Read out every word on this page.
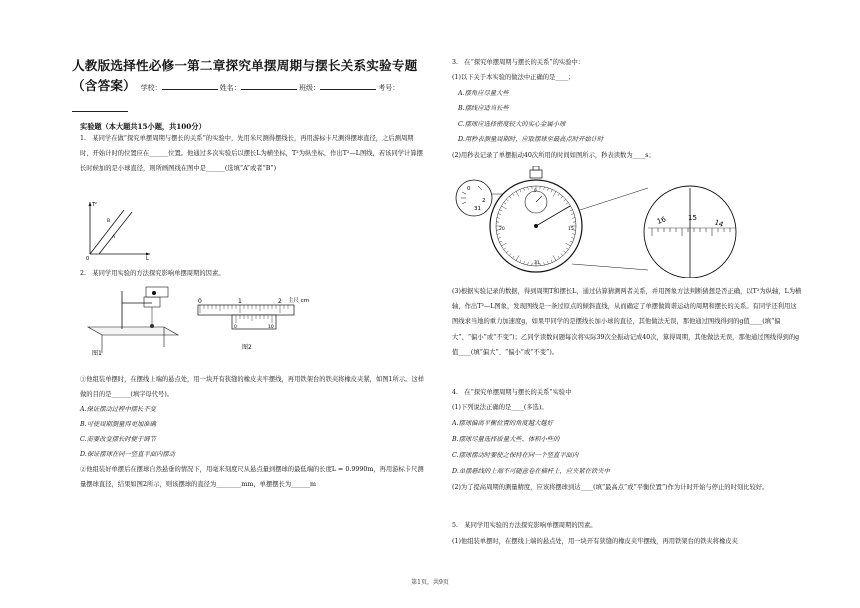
人教版选择性必修一第二章探究单摆周期与摆长关系实验专题（含答案） 学校：	姓名：	班级：	考号：
实验题（本大题共15小题，共100分）
1.　某同学在做“探究单摆周期与摆长的关系”的实验中，先用米尺测得摆线长，再用游标卡尺测得摆球直径，之后测周期时，开始计时的位置应在______位置。他通过多次实验后以摆长L为横坐标，T²为纵坐标，作出T²—L图线，若该同学计算摆长时候加的是小球直径，则所画图线在图中是______(选填“A”或者“B”)
T²
L
0
A
B
2.　某同学用实验的方法探究影响单摆周期的因素。
图1
0	1	2 主尺 cm
0	10
图2
①他组装单摆时，在摆线上端的悬点处，用一块开有狭缝的橡皮夹牢摆线，再用铁架台的铁夹将橡皮夹紧，如图1所示。这样做的目的是______(填字母代号)。
A.保证摆动过程中摆长不变
B.可使周期测量得更加准确
C.需要改变摆长时便于调节
D.保证摆球在同一竖直平面内摆动
②他组装好单摆后在摆球自然悬垂的情况下，用毫米刻度尺从悬点量到摆球的最低端的长度L = 0.9990m，再用游标卡尺测量摆球直径，结果如图2所示，则该摆球的直径为________mm，单摆摆长为______m
3.　在“探究单摆周期与摆长的关系”的实验中：
(1)以下关于本实验的做法中正确的是____；
A.摆角应尽量大些
B.摆线应适当长些
C.摆球应选择密度较大的实心金属小球
D.用秒表测量周期时，应取摆球至最高点时开始计时
(2)用秒表记录了单摆振动40次所用的时间如图所示，秒表读数为____s；
0
31
2
0
15
31
20
16	15
14
(3)根据实验记录的数据，得到周期T和摆长L，通过估算猜测两者关系，并用图象方法判断猜想是否正确，以T²为纵轴，L为横轴，作出T²—L图象，发现图线是一条过原点的倾斜直线，从而确定了单摆做简谐运动的周期和摆长的关系。有同学还利用这图线求当地的重力加速度g，如果甲同学的是摆线长加小球的直径，其他做法无误，那他通过图线得到的g值____(填“偏大”、“偏小”或“不变”)；乙同学读数问题每次将实际39次全振动记成40次，算得周期，其他做法无误，那他通过图线得到的g值____(填“偏大”、“偏小”或“不变”)。
4.　在“探究单摆周期与摆长的关系”实验中
(1)下列说法正确的是____(多选)。
A.摆球偏离平衡位置的角度越大越好
B.摆球尽量选择质量大些、体积小些的
C.摆球摆动时要使之保持在同一个竖直平面内
D.单摆悬线的上端不可随意卷在横杆上，应夹紧在铁夹中
(2)为了提高周期的测量精度，应该将摆球到达____(填“最高点”或“平衡位置”)作为计时开始与停止的时刻比较好。
5.　某同学用实验的方法探究影响单摆周期的因素。
(1)他组装单摆时，在摆线上端的悬点处，用一块开有狭缝的橡皮夹牢摆线，再用铁架台的铁夹将橡皮夹
第1页，共9页
